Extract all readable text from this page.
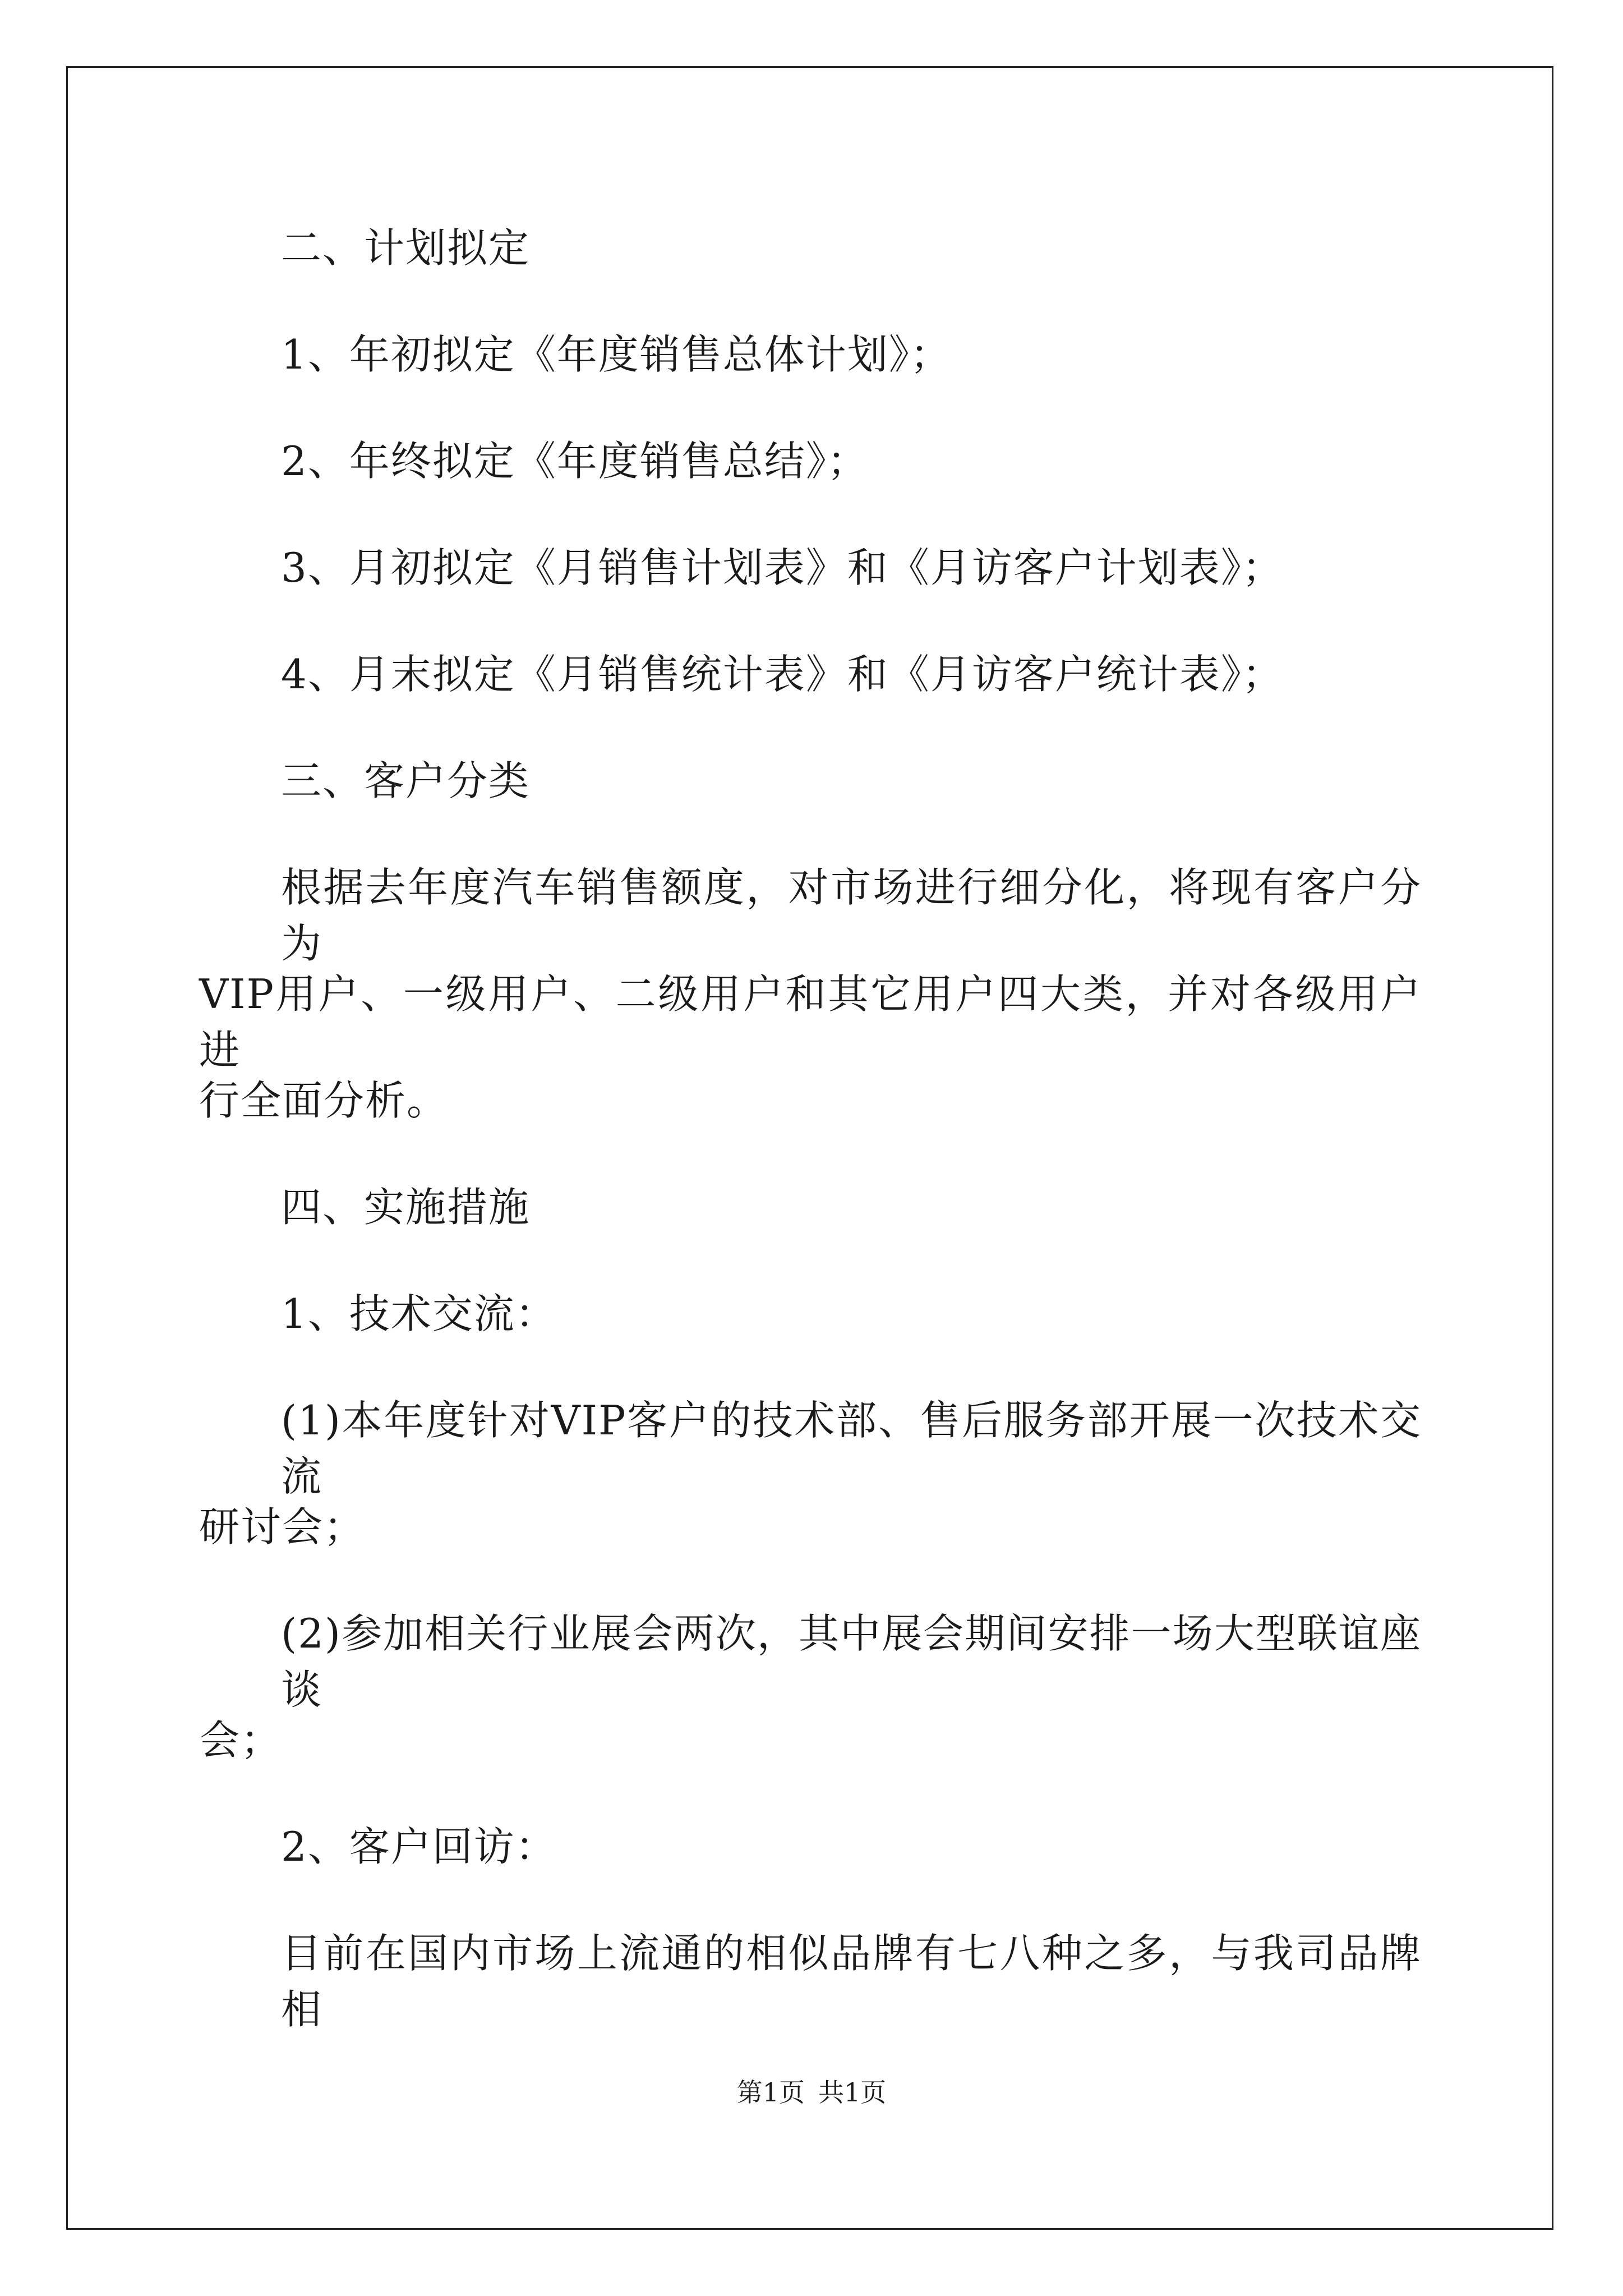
二、计划拟定
1、年初拟定《年度销售总体计划》；
2、年终拟定《年度销售总结》；
3、月初拟定《月销售计划表》和《月访客户计划表》；
4、月末拟定《月销售统计表》和《月访客户统计表》；
三、客户分类
根据去年度汽车销售额度，对市场进行细分化，将现有客户分为
VIP用户、一级用户、二级用户和其它用户四大类，并对各级用户进
行全面分析。
四、实施措施
1、技术交流：
(1)本年度针对VIP客户的技术部、售后服务部开展一次技术交流
研讨会；
(2)参加相关行业展会两次，其中展会期间安排一场大型联谊座谈
会；
2、客户回访：
目前在国内市场上流通的相似品牌有七八种之多，与我司品牌相
第1页 共1页
